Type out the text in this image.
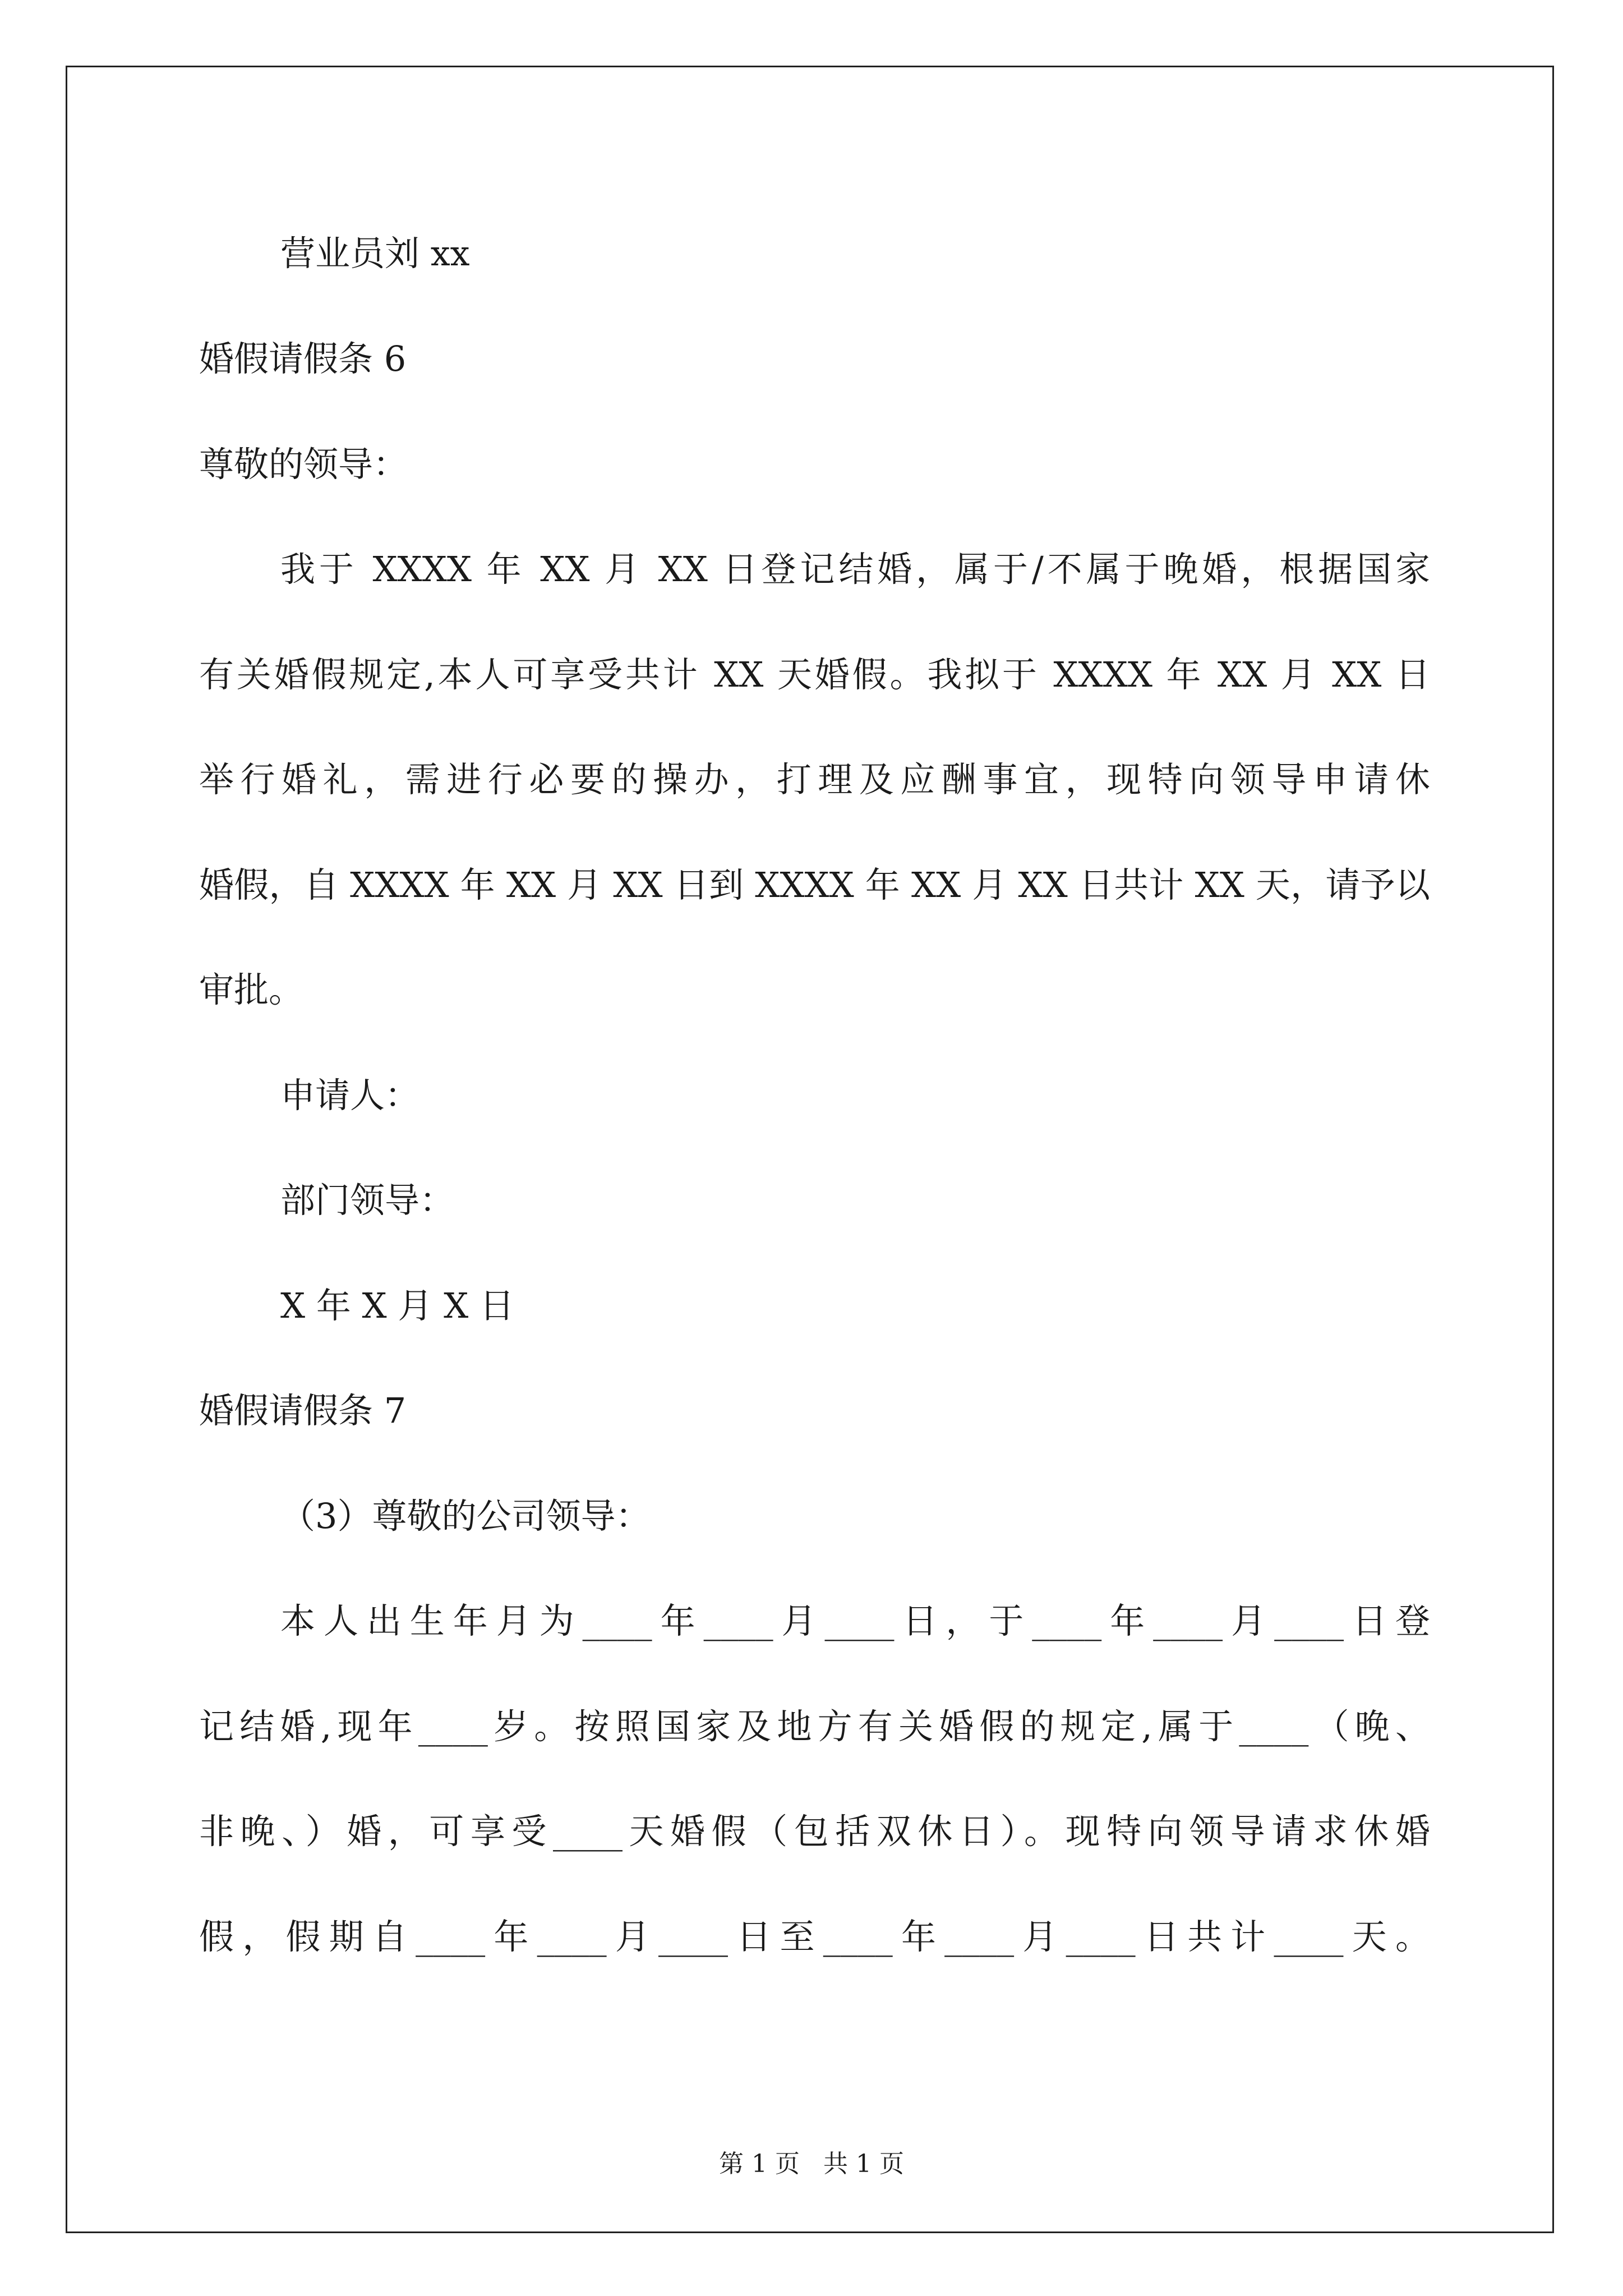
营业员刘 xx
婚假请假条 6
尊敬的领导：
我于 XXXX 年 XX 月 XX 日登记结婚，属于/不属于晚婚，根据国家
有关婚假规定,本人可享受共计 XX 天婚假。我拟于 XXXX 年 XX 月 XX 日
举行婚礼，需进行必要的操办，打理及应酬事宜，现特向领导申请休
婚假，自 XXXX 年 XX 月 XX 日到 XXXX 年 XX 月 XX 日共计 XX 天，请予以
审批。
申请人：
部门领导：
X 年 X 月 X 日
婚假请假条 7
（3）尊敬的公司领导：
本人出生年月为____年____月____日，于____年____月____日登
记结婚,现年____岁。按照国家及地方有关婚假的规定,属于____（晚、
非晚、）婚，可享受____天婚假（包括双休日）。现特向领导请求休婚
假，假期自____年____月____日至____年____月____日共计____天。
第 1 页   共 1 页
